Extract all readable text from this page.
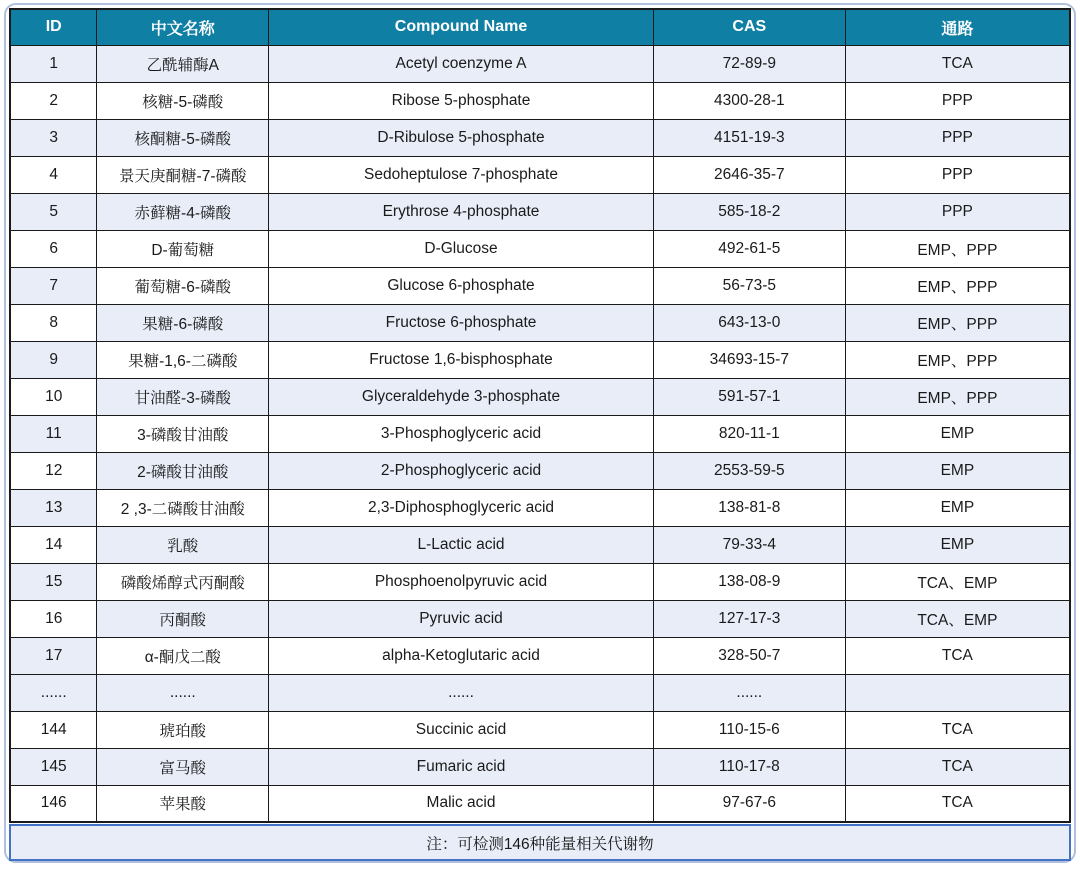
ID	中文名称	Compound Name	CAS	通路
1	乙酰辅酶A	Acetyl coenzyme A	72-89-9	TCA
2	核糖-5-磷酸	Ribose 5-phosphate	4300-28-1	PPP
3	核酮糖-5-磷酸	D-Ribulose 5-phosphate	4151-19-3	PPP
4	景天庚酮糖-7-磷酸	Sedoheptulose 7-phosphate	2646-35-7	PPP
5	赤藓糖-4-磷酸	Erythrose 4-phosphate	585-18-2	PPP
6	D-葡萄糖	D-Glucose	492-61-5	EMP、PPP
7	葡萄糖-6-磷酸	Glucose 6-phosphate	56-73-5	EMP、PPP
8	果糖-6-磷酸	Fructose 6-phosphate	643-13-0	EMP、PPP
9	果糖-1,6-二磷酸	Fructose 1,6-bisphosphate	34693-15-7	EMP、PPP
10	甘油醛-3-磷酸	Glyceraldehyde 3-phosphate	591-57-1	EMP、PPP
11	3-磷酸甘油酸	3-Phosphoglyceric acid	820-11-1	EMP
12	2-磷酸甘油酸	2-Phosphoglyceric acid	2553-59-5	EMP
13	2 ,3-二磷酸甘油酸	2,3-Diphosphoglyceric acid	138-81-8	EMP
14	乳酸	L-Lactic acid	79-33-4	EMP
15	磷酸烯醇式丙酮酸	Phosphoenolpyruvic acid	138-08-9	TCA、EMP
16	丙酮酸	Pyruvic acid	127-17-3	TCA、EMP
17	α-酮戊二酸	alpha-Ketoglutaric acid	328-50-7	TCA
......	......	......	......	
144	琥珀酸	Succinic acid	110-15-6	TCA
145	富马酸	Fumaric acid	110-17-8	TCA
146	苹果酸	Malic acid	97-67-6	TCA
注：可检测146种能量相关代谢物
